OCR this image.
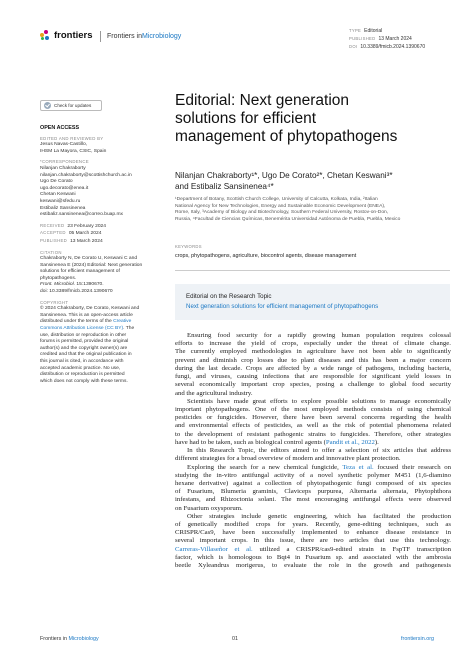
frontiers Frontiers in Microbiology
TYPE Editorial
PUBLISHED 13 March 2024
DOI 10.3389/fmicb.2024.1390670
Check for updates
OPEN ACCESS
EDITED AND REVIEWED BY
Jesus Navas-Castillo,
IHSM La Mayora, CSIC, Spain
*CORRESPONDENCE
Nilanjan Chakraborty
nilanjan.chakraborty@scottishchurch.ac.in
Ugo De Corato
ugo.decorato@enea.it
Chetan Keswani
keswani@sfedu.ru
Estibaliz Sansinenea
estibaliz.sansinenea@correo.buap.mx
RECEIVED 23 February 2024
ACCEPTED 05 March 2024
PUBLISHED 13 March 2024
CITATION
Chakraborty N, De Corato U, Keswani C and
Sansinenea E (2024) Editorial: Next generation
solutions for efficient management of
phytopathogens.
Front. Microbiol. 15:1390670.
doi: 10.3389/fmicb.2024.1390670
COPYRIGHT
© 2024 Chakraborty, De Corato, Keswani and
Sansinenea. This is an open-access article
distributed under the terms of the Creative
Commons Attribution License (CC BY). The
use, distribution or reproduction in other
forums is permitted, provided the original
author(s) and the copyright owner(s) are
credited and that the original publication in
this journal is cited, in accordance with
accepted academic practice. No use,
distribution or reproduction is permitted
which does not comply with these terms.
Editorial: Next generation
solutions for efficient
management of phytopathogens
Nilanjan Chakraborty¹*, Ugo De Corato²*, Chetan Keswani³*
and Estibaliz Sansinenea⁴*
¹Department of Botany, Scottish Church College, University of Calcutta, Kolkata, India, ²Italian
National Agency for New Technologies, Energy and Sustainable Economic Development (ENEA),
Rome, Italy, ³Academy of Biology and Biotechnology, Southern Federal University, Rostov-on-Don,
Russia, ⁴Facultad de Ciencias Químicas, Benemérita Universidad Autónoma de Puebla, Puebla, Mexico
KEYWORDS
crops, phytopathogens, agriculture, biocontrol agents, disease management
Editorial on the Research Topic
Next generation solutions for efficient management of phytopathogens
Ensuring food security for a rapidly growing human population requires colossal
efforts to increase the yield of crops, especially under the threat of climate change.
The currently employed methodologies in agriculture have not been able to significantly
prevent and diminish crop losses due to plant diseases and this has been a major concern
during the last decade. Crops are affected by a wide range of pathogens, including bacteria,
fungi, and viruses, causing infections that are responsible for significant yield losses in
several economically important crop species, posing a challenge to global food security
and the agricultural industry.
Scientists have made great efforts to explore possible solutions to manage economically
important phytopathogens. One of the most employed methods consists of using chemical
pesticides or fungicides. However, there have been several concerns regarding the health
and environmental effects of pesticides, as well as the risk of potential phenomena related
to the development of resistant pathogenic strains to fungicides. Therefore, other strategies
have had to be taken, such as biological control agents (Pandit et al., 2022).
In this Research Topic, the editors aimed to offer a selection of six articles that address
different strategies for a broad overview of modern and innovative plant protection.
Exploring the search for a new chemical fungicide, Teza et al. focused their research on
studying the in-vitro antifungal activity of a novel synthetic polymer M451 (1,6-diamino
hexane derivative) against a collection of phytopathogenic fungi composed of six species
of Fusarium, Blumeria graminis, Claviceps purpurea, Alternaria alternata, Phytophthora
infestans, and Rhizoctonia solani. The most encouraging antifungal effects were observed
on Fusarium oxysporum.
Other strategies include genetic engineering, which has facilitated the production
of genetically modified crops for years. Recently, gene-editing techniques, such as
CRISPR/Cas9, have been successfully implemented to enhance disease resistance in
several important crops. In this issue, there are two articles that use this technology.
Carreras-Villaseñor et al. utilized a CRISPR/cas9-edited strain in FspTF transcription
factor, which is homologous to Bqt4 in Fusarium sp. and associated with the ambrosia
beetle Xyleandrus morigerus, to evaluate the role in the growth and pathogenesis
Frontiers in Microbiology	01	frontiersin.org
